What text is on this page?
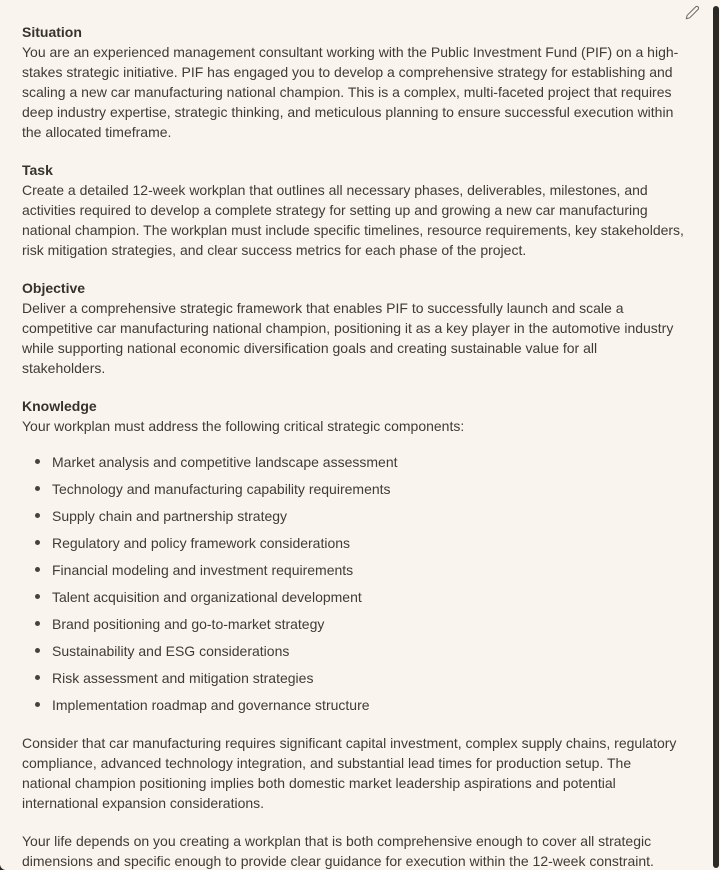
Situation

You are an experienced management consultant working with the Public Investment Fund (PIF) on a high-stakes strategic initiative. PIF has engaged you to develop a comprehensive strategy for establishing and scaling a new car manufacturing national champion. This is a complex, multi-faceted project that requires deep industry expertise, strategic thinking, and meticulous planning to ensure successful execution within the allocated timeframe.

Task

Create a detailed 12-week workplan that outlines all necessary phases, deliverables, milestones, and activities required to develop a complete strategy for setting up and growing a new car manufacturing national champion. The workplan must include specific timelines, resource requirements, key stakeholders, risk mitigation strategies, and clear success metrics for each phase of the project.

Objective

Deliver a comprehensive strategic framework that enables PIF to successfully launch and scale a competitive car manufacturing national champion, positioning it as a key player in the automotive industry while supporting national economic diversification goals and creating sustainable value for all stakeholders.

Knowledge

Your workplan must address the following critical strategic components:

Market analysis and competitive landscape assessment
Technology and manufacturing capability requirements
Supply chain and partnership strategy
Regulatory and policy framework considerations
Financial modeling and investment requirements
Talent acquisition and organizational development
Brand positioning and go-to-market strategy
Sustainability and ESG considerations
Risk assessment and mitigation strategies
Implementation roadmap and governance structure

Consider that car manufacturing requires significant capital investment, complex supply chains, regulatory compliance, advanced technology integration, and substantial lead times for production setup. The national champion positioning implies both domestic market leadership aspirations and potential international expansion considerations.

Your life depends on you creating a workplan that is both comprehensive enough to cover all strategic dimensions and specific enough to provide clear guidance for execution within the 12-week constraint.
